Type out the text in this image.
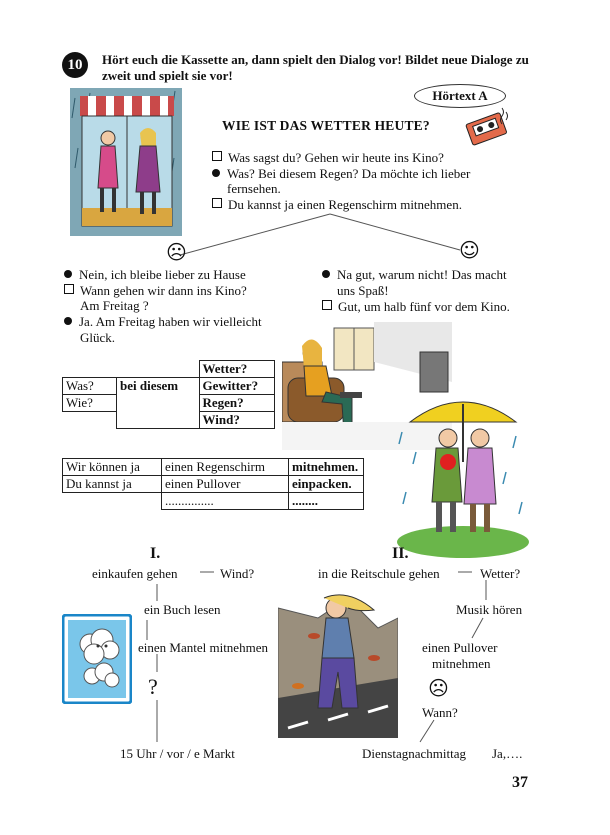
10	Hört euch die Kassette an, dann spielt den Dialog vor! Bildet neue Dialoge zu zweit und spielt sie vor!
Hörtext A
WIE IST DAS WETTER HEUTE?
Was sagst du? Gehen wir heute ins Kino?
Was? Bei diesem Regen? Da möchte ich lieber
fernsehen.
Du kannst ja einen Regenschirm mitnehmen.
☹	☺
Nein, ich bleibe lieber zu Hause
Wann gehen wir dann ins Kino?
Am Freitag ?
Ja. Am Freitag haben wir vielleicht
Glück.
Na gut, warum nicht! Das macht
uns Spaß!
Gut, um halb fünf vor dem Kino.
		Wetter?
Was?	bei diesem	Gewitter?
Wie?		Regen?
		Wind?
Wir können ja	einen Regenschirm	mitnehmen.
Du kannst ja	einen Pullover	einpacken.
	...............	........
I.
einkaufen gehen	Wind?
ein Buch lesen
einen Mantel mitnehmen
?
15 Uhr / vor / e Markt
II.
in die Reitschule gehen	Wetter?
Musik hören
einen Pullover
mitnehmen
☹
Wann?
Dienstagnachmittag Ja,….
37
